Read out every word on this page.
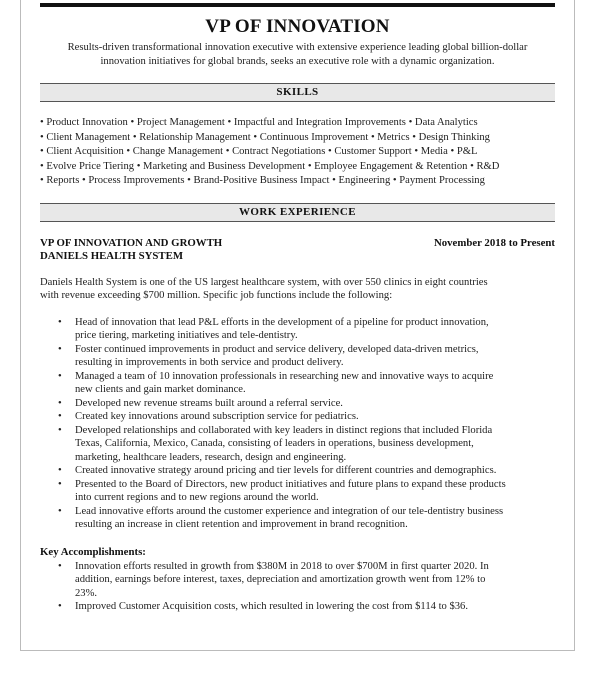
VP OF INNOVATION
Results-driven transformational innovation executive with extensive experience leading global billion-dollar
innovation initiatives for global brands, seeks an executive role with a dynamic organization.
SKILLS
• Product Innovation • Project Management • Impactful and Integration Improvements • Data Analytics
• Client Management • Relationship Management • Continuous Improvement • Metrics • Design Thinking
• Client Acquisition • Change Management • Contract Negotiations • Customer Support • Media • P&L
• Evolve Price Tiering • Marketing and Business Development • Employee Engagement & Retention • R&D
• Reports • Process Improvements • Brand-Positive Business Impact • Engineering • Payment Processing
WORK EXPERIENCE
VP OF INNOVATION AND GROWTH	November 2018 to Present
DANIELS HEALTH SYSTEM
Daniels Health System is one of the US largest healthcare system, with over 550 clinics in eight countries
with revenue exceeding $700 million. Specific job functions include the following:
• Head of innovation that lead P&L efforts in the development of a pipeline for product innovation,
price tiering, marketing initiatives and tele-dentistry.
• Foster continued improvements in product and service delivery, developed data-driven metrics,
resulting in improvements in both service and product delivery.
• Managed a team of 10 innovation professionals in researching new and innovative ways to acquire
new clients and gain market dominance.
• Developed new revenue streams built around a referral service.
• Created key innovations around subscription service for pediatrics.
• Developed relationships and collaborated with key leaders in distinct regions that included Florida
Texas, California, Mexico, Canada, consisting of leaders in operations, business development,
marketing, healthcare leaders, research, design and engineering.
• Created innovative strategy around pricing and tier levels for different countries and demographics.
• Presented to the Board of Directors, new product initiatives and future plans to expand these products
into current regions and to new regions around the world.
• Lead innovative efforts around the customer experience and integration of our tele-dentistry business
resulting an increase in client retention and improvement in brand recognition.
Key Accomplishments:
• Innovation efforts resulted in growth from $380M in 2018 to over $700M in first quarter 2020. In
addition, earnings before interest, taxes, depreciation and amortization growth went from 12% to
23%.
• Improved Customer Acquisition costs, which resulted in lowering the cost from $114 to $36.
